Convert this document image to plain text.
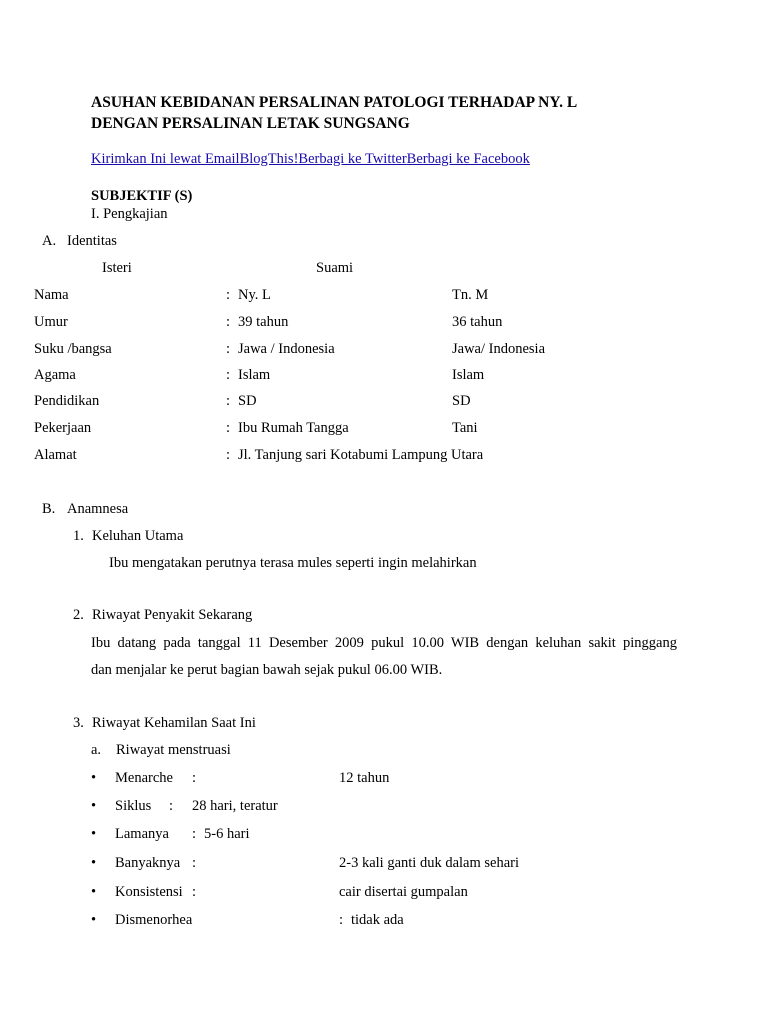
ASUHAN KEBIDANAN PERSALINAN PATOLOGI TERHADAP NY. L
DENGAN PERSALINAN LETAK SUNGSANG
Kirimkan Ini lewat EmailBlogThis!Berbagi ke TwitterBerbagi ke Facebook
SUBJEKTIF (S)
I. Pengkajian
A. Identitas
Isteri	Suami
Nama	: Ny. L	Tn. M
Umur	: 39 tahun	36 tahun
Suku /bangsa	: Jawa / Indonesia	Jawa/ Indonesia
Agama	: Islam	Islam
Pendidikan	: SD	SD
Pekerjaan	: Ibu Rumah Tangga	Tani
Alamat	: Jl. Tanjung sari Kotabumi Lampung Utara
B. Anamnesa
1. Keluhan Utama
Ibu mengatakan perutnya terasa mules seperti ingin melahirkan
2. Riwayat Penyakit Sekarang
Ibu datang pada tanggal 11 Desember 2009 pukul 10.00 WIB dengan keluhan sakit pinggang
dan menjalar ke perut bagian bawah sejak pukul 06.00 WIB.
3. Riwayat Kehamilan Saat Ini
a. Riwayat menstruasi
• Menarche :	12 tahun
• Siklus : 28 hari, teratur
• Lamanya : 5-6 hari
• Banyaknya :	2-3 kali ganti duk dalam sehari
• Konsistensi :	cair disertai gumpalan
• Dismenorhea	: tidak ada
